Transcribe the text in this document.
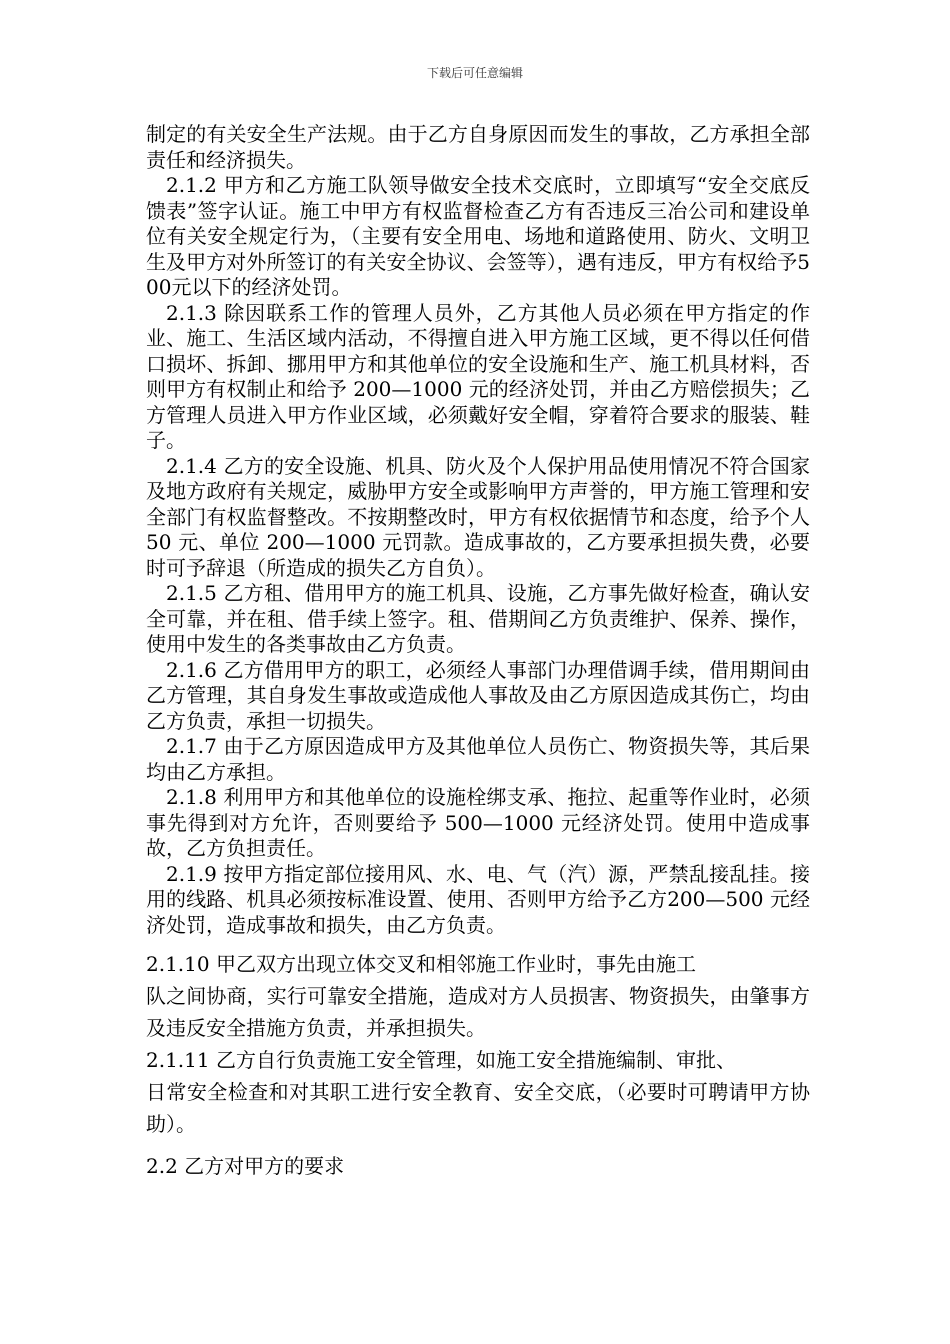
下载后可任意编辑

制定的有关安全生产法规。由于乙方自身原因而发生的事故，乙方承担全部责任和经济损失。

2.1.2 甲方和乙方施工队领导做安全技术交底时，立即填写“安全交底反馈表”签字认证。施工中甲方有权监督检查乙方有否违反三冶公司和建设单位有关安全规定行为，（主要有安全用电、场地和道路使用、防火、文明卫生及甲方对外所签订的有关安全协议、会签等），遇有违反，甲方有权给予500元以下的经济处罚。

2.1.3 除因联系工作的管理人员外，乙方其他人员必须在甲方指定的作业、施工、生活区域内活动，不得擅自进入甲方施工区域，更不得以任何借口损坏、拆卸、挪用甲方和其他单位的安全设施和生产、施工机具材料，否则甲方有权制止和给予 200—1000 元的经济处罚，并由乙方赔偿损失；乙方管理人员进入甲方作业区域，必须戴好安全帽，穿着符合要求的服装、鞋子。

2.1.4 乙方的安全设施、机具、防火及个人保护用品使用情况不符合国家及地方政府有关规定，威胁甲方安全或影响甲方声誉的，甲方施工管理和安全部门有权监督整改。不按期整改时，甲方有权依据情节和态度，给予个人 50 元、单位 200—1000 元罚款。造成事故的，乙方要承担损失费，必要时可予辞退（所造成的损失乙方自负）。

2.1.5 乙方租、借用甲方的施工机具、设施，乙方事先做好检查，确认安全可靠，并在租、借手续上签字。租、借期间乙方负责维护、保养、操作，使用中发生的各类事故由乙方负责。

2.1.6 乙方借用甲方的职工，必须经人事部门办理借调手续，借用期间由乙方管理，其自身发生事故或造成他人事故及由乙方原因造成其伤亡，均由乙方负责，承担一切损失。

2.1.7 由于乙方原因造成甲方及其他单位人员伤亡、物资损失等，其后果均由乙方承担。

2.1.8 利用甲方和其他单位的设施栓绑支承、拖拉、起重等作业时，必须事先得到对方允许，否则要给予 500—1000 元经济处罚。使用中造成事故，乙方负担责任。

2.1.9 按甲方指定部位接用风、水、电、气（汽）源，严禁乱接乱挂。接用的线路、机具必须按标准设置、使用、否则甲方给予乙方200—500 元经济处罚，造成事故和损失，由乙方负责。

2.1.10 甲乙双方出现立体交叉和相邻施工作业时，事先由施工

队之间协商，实行可靠安全措施，造成对方人员损害、物资损失，由肇事方及违反安全措施方负责，并承担损失。

2.1.11 乙方自行负责施工安全管理，如施工安全措施编制、审批、

日常安全检查和对其职工进行安全教育、安全交底，（必要时可聘请甲方协助）。

2.2 乙方对甲方的要求
